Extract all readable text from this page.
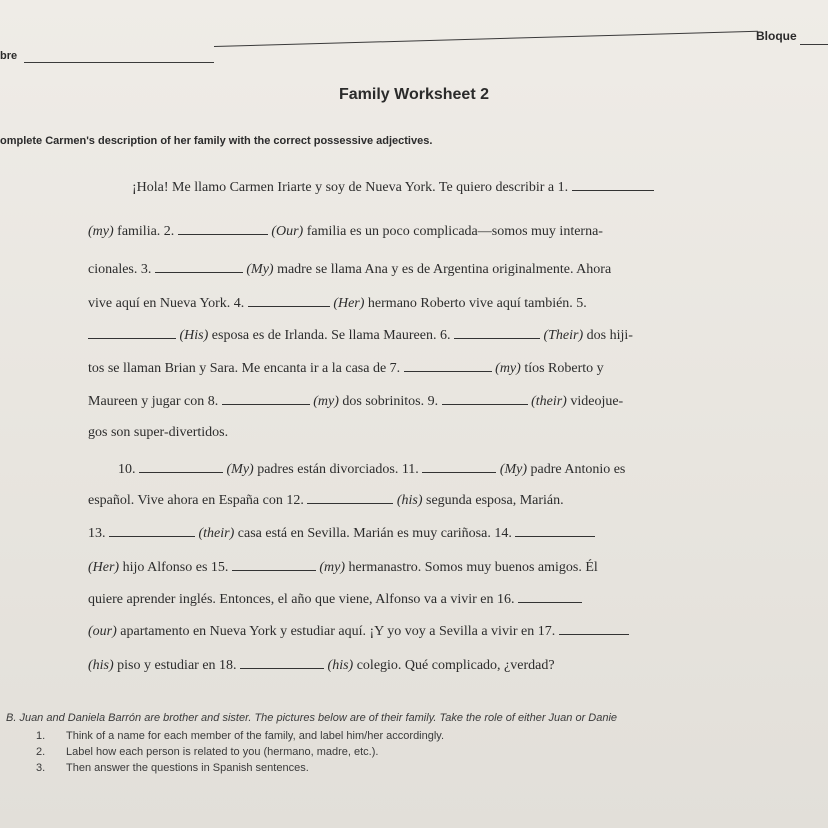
bre
Bloque
Family Worksheet 2
omplete Carmen's description of her family with the correct possessive adjectives.
¡Hola! Me llamo Carmen Iriarte y soy de Nueva York. Te quiero describir a 1.
(my) familia. 2.	(Our) familia es un poco complicada—somos muy interna-
cionales. 3.	(My) madre se llama Ana y es de Argentina originalmente. Ahora
vive aquí en Nueva York. 4.	(Her) hermano Roberto vive aquí también. 5.
(His) esposa es de Irlanda. Se llama Maureen. 6.	(Their) dos hiji-
tos se llaman Brian y Sara. Me encanta ir a la casa de 7.	(my) tíos Roberto y
Maureen y jugar con 8.	(my) dos sobrinitos. 9.	(their) videojue-
gos son super-divertidos.
10.	(My) padres están divorciados. 11.	(My) padre Antonio es
español. Vive ahora en España con 12.	(his) segunda esposa, Marián.
13.	(their) casa está en Sevilla. Marián es muy cariñosa. 14.
(Her) hijo Alfonso es 15.	(my) hermanastro. Somos muy buenos amigos. Él
quiere aprender inglés. Entonces, el año que viene, Alfonso va a vivir en 16.
(our) apartamento en Nueva York y estudiar aquí. ¡Y yo voy a Sevilla a vivir en 17.
(his) piso y estudiar en 18.	(his) colegio. Qué complicado, ¿verdad?
B. Juan and Daniela Barrón are brother and sister. The pictures below are of their family. Take the role of either Juan or Danie
1. Think of a name for each member of the family, and label him/her accordingly.
2. Label how each person is related to you (hermano, madre, etc.).
3. Then answer the questions in Spanish sentences.
